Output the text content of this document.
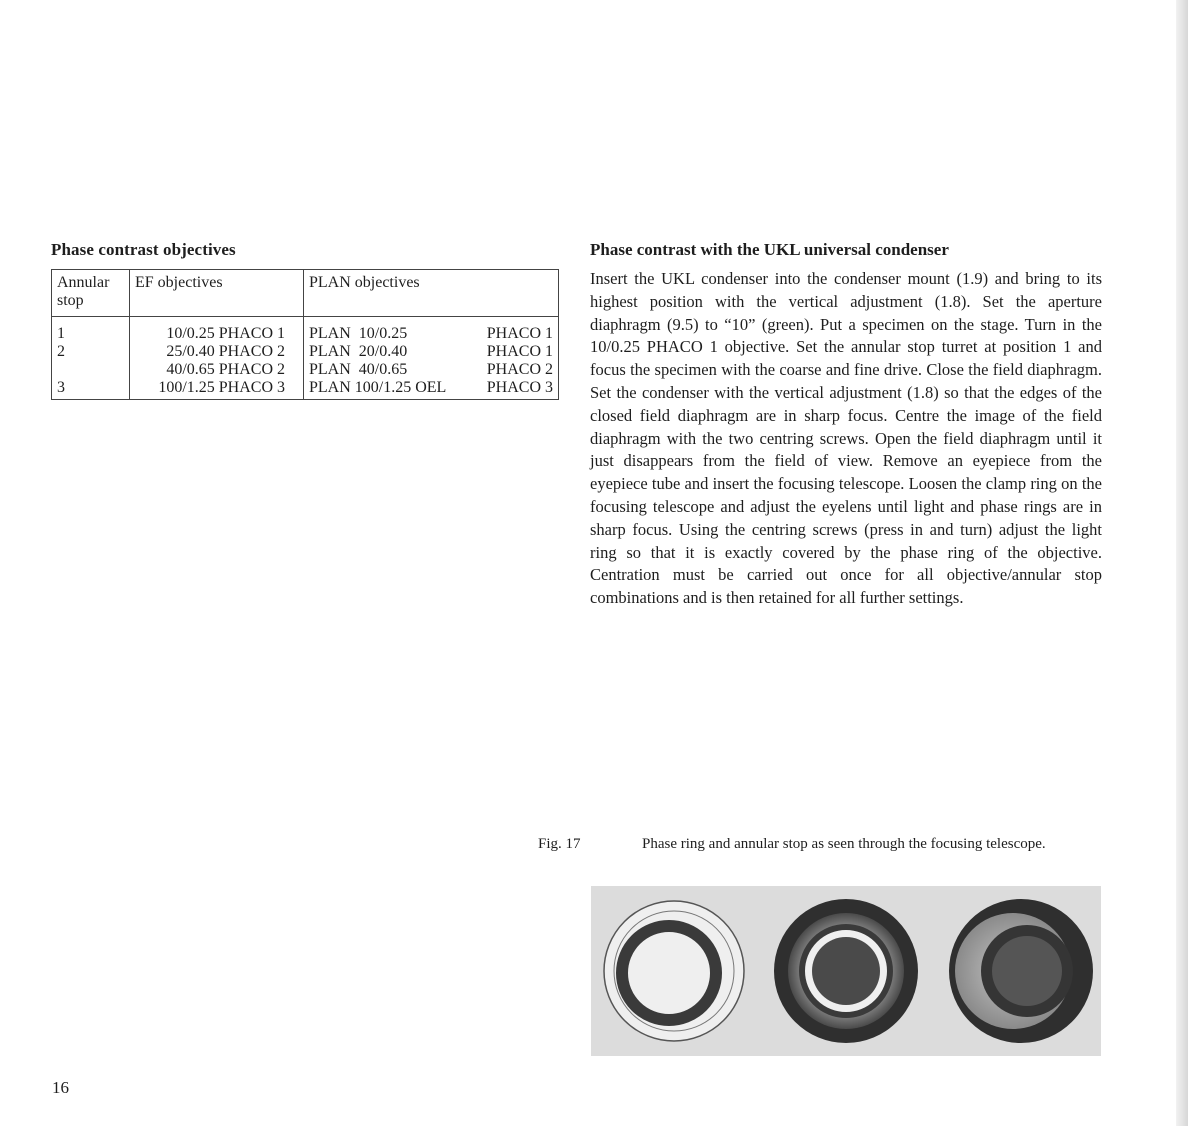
Phase contrast objectives
Annular stop	EF objectives	PLAN objectives
1	10/0.25 PHACO 1	PLAN  10/0.25 PHACO 1

2	25/0.40 PHACO 2	PLAN  20/0.40 PHACO 1

	40/0.65 PHACO 2	PLAN  40/0.65 PHACO 2

3	100/1.25 PHACO 3	PLAN 100/1.25 OEL PHACO 3
Phase contrast with the UKL universal condenser

Insert the UKL condenser into the condenser mount (1.9) and bring to its highest position with the vertical adjustment (1.8). Set the aperture diaphragm (9.5) to “10” (green). Put a specimen on the stage. Turn in the 10/0.25 PHACO 1 objective. Set the annular stop turret at position 1 and focus the specimen with the coarse and fine drive. Close the field diaphragm. Set the condenser with the vertical adjustment (1.8) so that the edges of the closed field diaphragm are in sharp focus. Centre the image of the field diaphragm with the two centring screws. Open the field diaphragm until it just disappears from the field of view. Remove an eyepiece from the eyepiece tube and insert the focusing telescope. Loosen the clamp ring on the focusing telescope and adjust the eyelens until light and phase rings are in sharp focus. Using the centring screws (press in and turn) adjust the light ring so that it is exactly covered by the phase ring of the objective. Centration must be carried out once for all objective/annular stop combinations and is then retained for all further settings.

Fig. 17	Phase ring and annular stop as seen through the focusing telescope.

16
